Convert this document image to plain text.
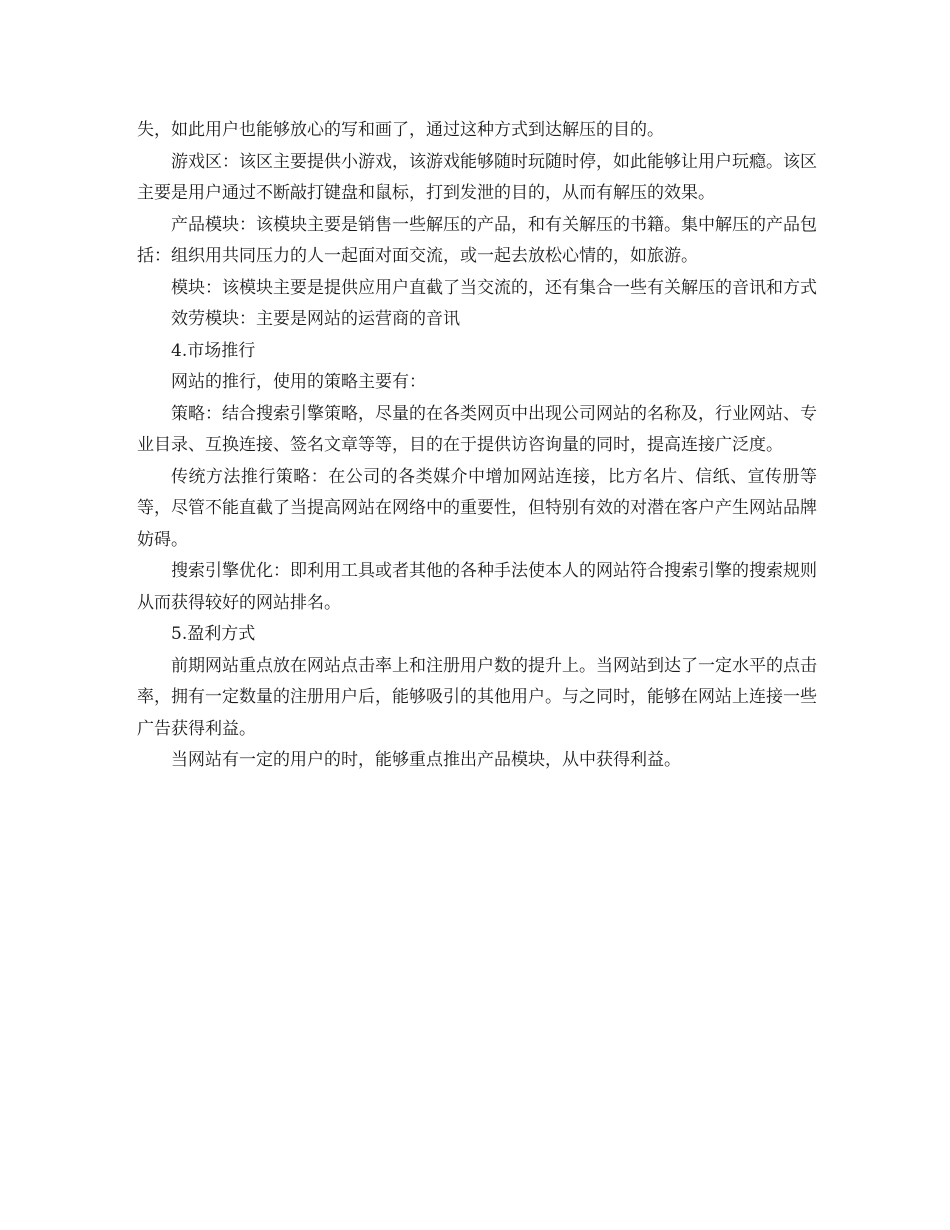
失，如此用户也能够放心的写和画了，通过这种方式到达解压的目的。

游戏区：该区主要提供小游戏，该游戏能够随时玩随时停，如此能够让用户玩瘾。该区主要是用户通过不断敲打键盘和鼠标，打到发泄的目的，从而有解压的效果。

产品模块：该模块主要是销售一些解压的产品，和有关解压的书籍。集中解压的产品包括：组织用共同压力的人一起面对面交流，或一起去放松心情的，如旅游。

模块：该模块主要是提供应用户直截了当交流的，还有集合一些有关解压的音讯和方式

效劳模块：主要是网站的运营商的音讯

4.市场推行

网站的推行，使用的策略主要有：

策略：结合搜索引擎策略，尽量的在各类网页中出现公司网站的名称及，行业网站、专业目录、互换连接、签名文章等等，目的在于提供访咨询量的同时，提高连接广泛度。

传统方法推行策略：在公司的各类媒介中增加网站连接，比方名片、信纸、宣传册等等，尽管不能直截了当提高网站在网络中的重要性，但特别有效的对潜在客户产生网站品牌妨碍。

搜索引擎优化：即利用工具或者其他的各种手法使本人的网站符合搜索引擎的搜索规则从而获得较好的网站排名。

5.盈利方式

前期网站重点放在网站点击率上和注册用户数的提升上。当网站到达了一定水平的点击率，拥有一定数量的注册用户后，能够吸引的其他用户。与之同时，能够在网站上连接一些广告获得利益。

当网站有一定的用户的时，能够重点推出产品模块，从中获得利益。
